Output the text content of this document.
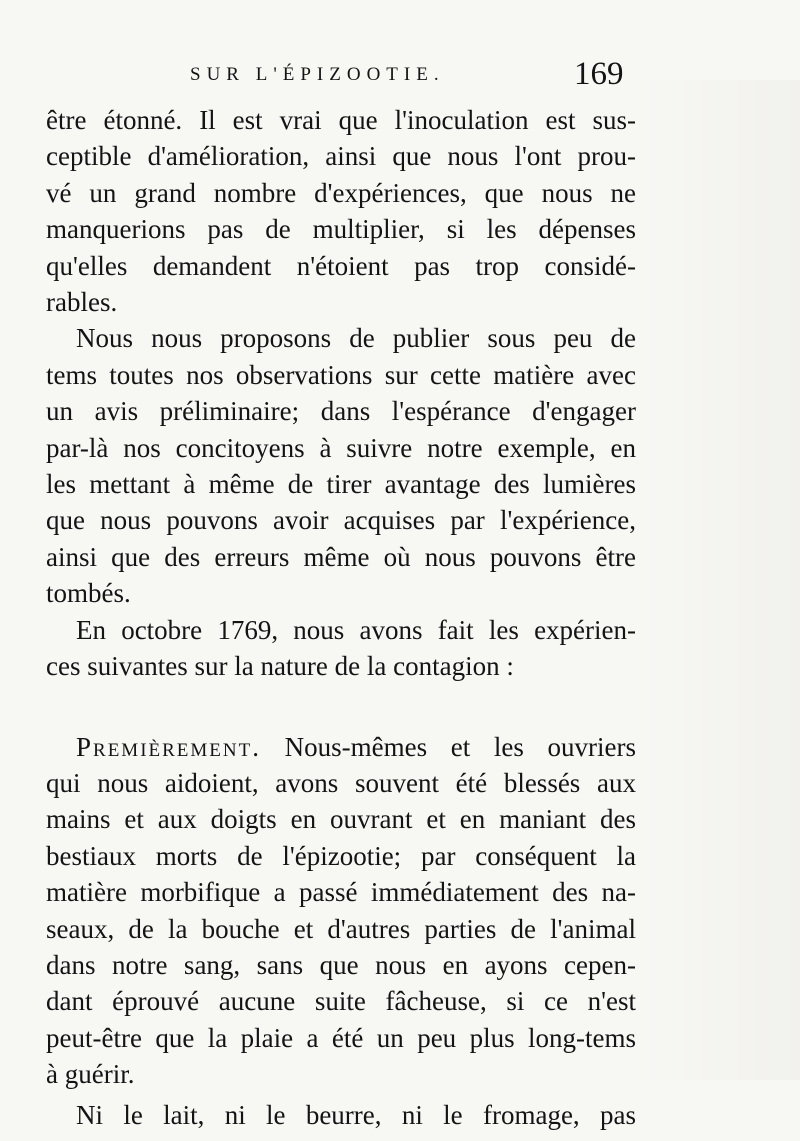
SUR L'ÉPIZOOTIE.	169
être étonné. Il est vrai que l'inoculation est sus-
ceptible d'amélioration, ainsi que nous l'ont prou-
vé un grand nombre d'expériences, que nous ne
manquerions pas de multiplier, si les dépenses
qu'elles demandent n'étoient pas trop considé-
rables.
Nous nous proposons de publier sous peu de
tems toutes nos observations sur cette matière avec
un avis préliminaire; dans l'espérance d'engager
par-là nos concitoyens à suivre notre exemple, en
les mettant à même de tirer avantage des lumières
que nous pouvons avoir acquises par l'expérience,
ainsi que des erreurs même où nous pouvons être
tombés.
En octobre 1769, nous avons fait les expérien-
ces suivantes sur la nature de la contagion :
Premièrement. Nous-mêmes et les ouvriers
qui nous aidoient, avons souvent été blessés aux
mains et aux doigts en ouvrant et en maniant des
bestiaux morts de l'épizootie; par conséquent la
matière morbifique a passé immédiatement des na-
seaux, de la bouche et d'autres parties de l'animal
dans notre sang, sans que nous en ayons cepen-
dant éprouvé aucune suite fâcheuse, si ce n'est
peut-être que la plaie a été un peu plus long-tems
à guérir.
Ni le lait, ni le beurre, ni le fromage, pas
